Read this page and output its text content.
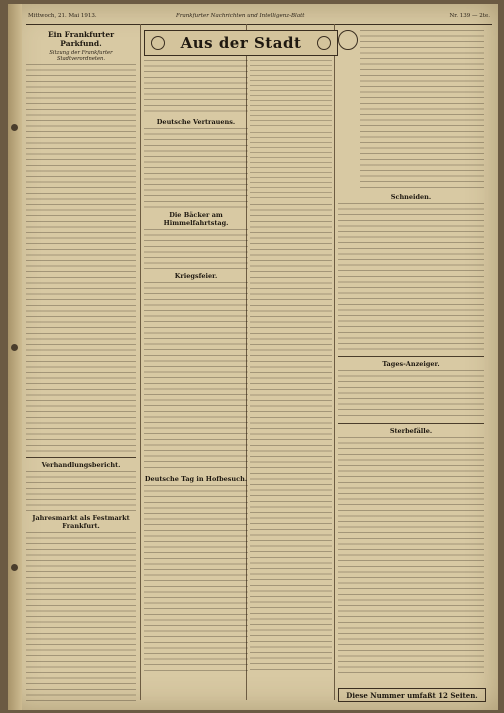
Mittwoch, 21. Mai 1913.	Frankfurter Nachrichten und Intelligenz-Blatt	Nr. 139 — 2te.
Aus der Stadt
Ein Frankfurter Parkfund.

Sitzung der Frankfurter Stadtverordneten.

Verhandlungsbericht.
Jahresmarkt als Festmarkt Frankfurt.
Deutsche Vertrauens.
Die Bäcker am Himmelfahrtstag.
Kriegsfeier.
Deutsche Tag in Hofbesuch.
Schneiden.
Tages-Anzeiger.
Sterbefälle.
Diese Nummer umfaßt 12 Seiten.
